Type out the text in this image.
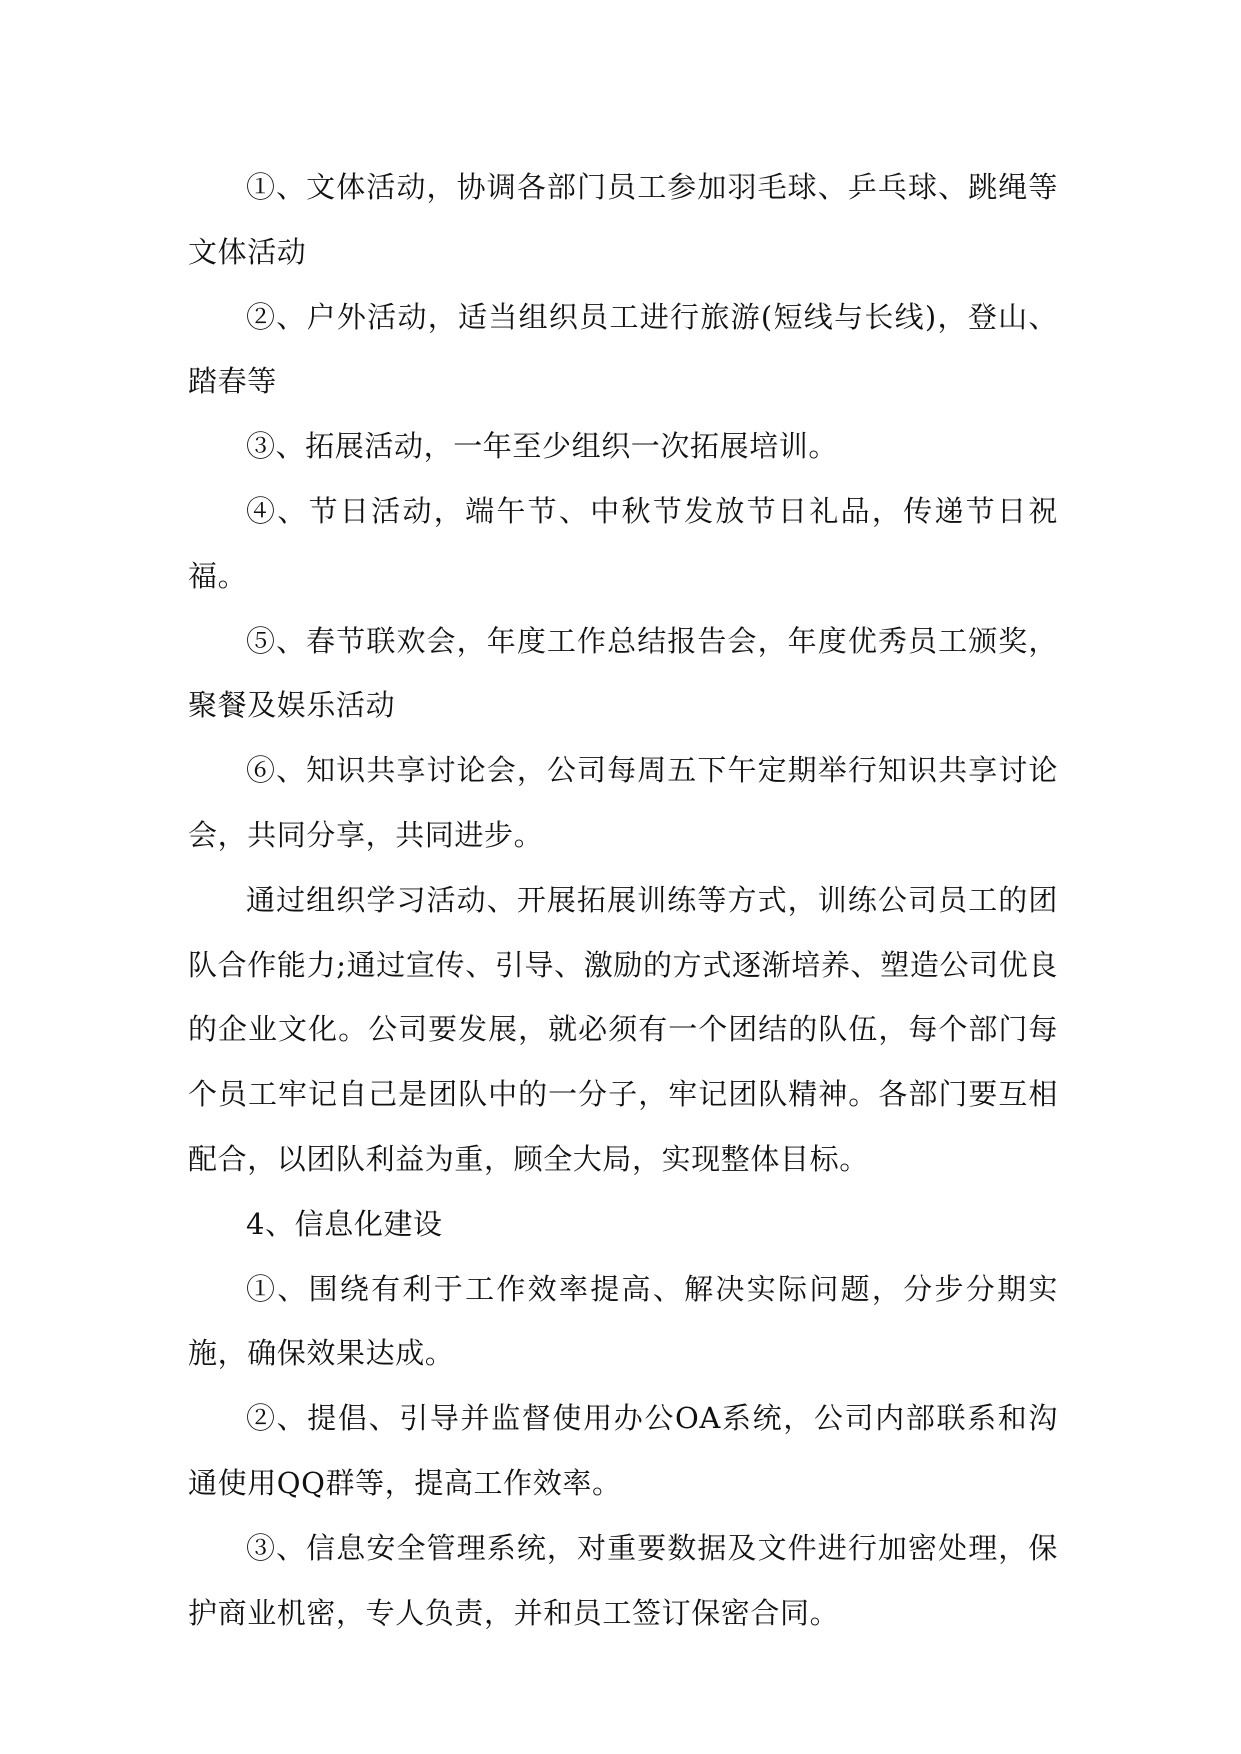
①、文体活动，协调各部门员工参加羽毛球、乒乓球、跳绳等文体活动

②、户外活动，适当组织员工进行旅游(短线与长线)，登山、踏春等

③、拓展活动，一年至少组织一次拓展培训。

④、节日活动，端午节、中秋节发放节日礼品，传递节日祝福。

⑤、春节联欢会，年度工作总结报告会，年度优秀员工颁奖，聚餐及娱乐活动

⑥、知识共享讨论会，公司每周五下午定期举行知识共享讨论会，共同分享，共同进步。

通过组织学习活动、开展拓展训练等方式，训练公司员工的团队合作能力;通过宣传、引导、激励的方式逐渐培养、塑造公司优良的企业文化。公司要发展，就必须有一个团结的队伍，每个部门每个员工牢记自己是团队中的一分子，牢记团队精神。各部门要互相配合，以团队利益为重，顾全大局，实现整体目标。

4、信息化建设

①、围绕有利于工作效率提高、解决实际问题，分步分期实施，确保效果达成。

②、提倡、引导并监督使用办公OA系统，公司内部联系和沟通使用QQ群等，提高工作效率。

③、信息安全管理系统，对重要数据及文件进行加密处理，保护商业机密，专人负责，并和员工签订保密合同。
